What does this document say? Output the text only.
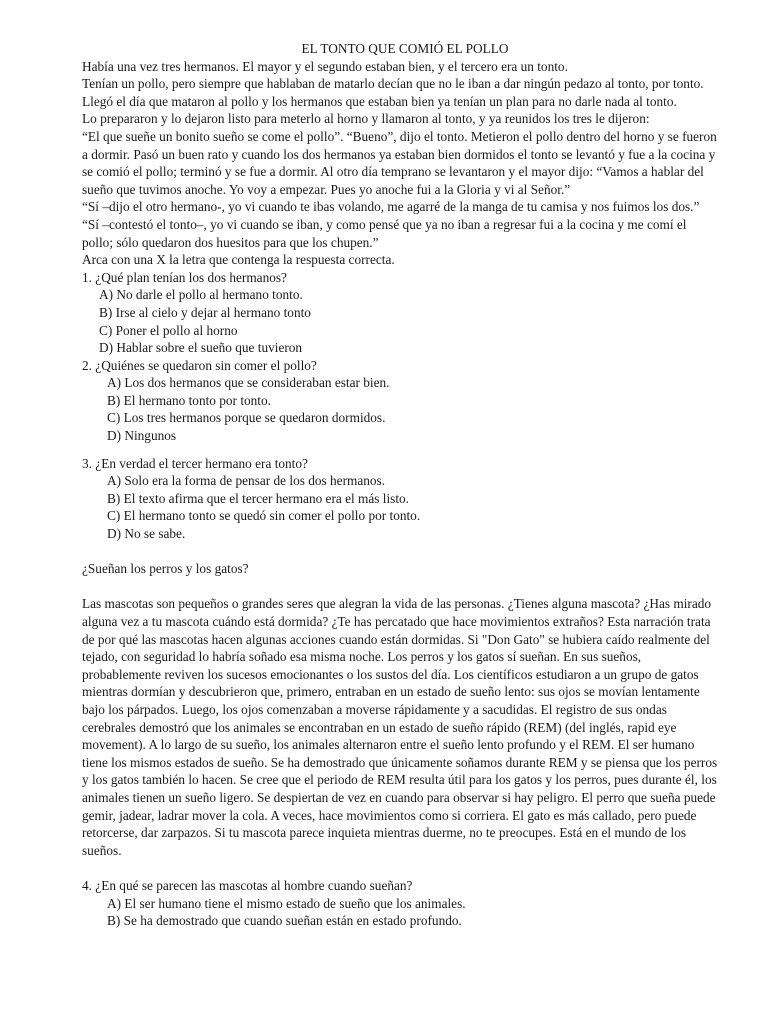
EL TONTO QUE COMIÓ EL POLLO

Había una vez tres hermanos. El mayor y el segundo estaban bien, y el tercero era un tonto.

Tenían un pollo, pero siempre que hablaban de matarlo decían que no le iban a dar ningún pedazo al tonto, por tonto. Llegó el día que mataron al pollo y los hermanos que estaban bien ya tenían un plan para no darle nada al tonto.

Lo prepararon y lo dejaron listo para meterlo al horno y llamaron al tonto, y ya reunidos los tres le dijeron:

“El que sueñe un bonito sueño se come el pollo”. “Bueno”, dijo el tonto. Metieron el pollo dentro del horno y se fueron a dormir. Pasó un buen rato y cuando los dos hermanos ya estaban bien dormidos el tonto se levantó y fue a la cocina y se comió el pollo; terminó y se fue a dormir. Al otro día temprano se levantaron y el mayor dijo: “Vamos a hablar del sueño que tuvimos anoche. Yo voy a empezar. Pues yo anoche fui a la Gloria y vi al Señor.”

“Sí –dijo el otro hermano-, yo vi cuando te ibas volando, me agarré de la manga de tu camisa y nos fuimos los dos.” “Sí –contestó el tonto–, yo vi cuando se iban, y como pensé que ya no iban a regresar fui a la cocina y me comí el pollo; sólo quedaron dos huesitos para que los chupen.”

Arca con una X la letra que contenga la respuesta correcta.

1. ¿Qué plan tenían los dos hermanos?

A) No darle el pollo al hermano tonto.

B) Irse al cielo y dejar al hermano tonto

C) Poner el pollo al horno

D) Hablar sobre el sueño que tuvieron

2. ¿Quiénes se quedaron sin comer el pollo?

A) Los dos hermanos que se consideraban estar bien.

B) El hermano tonto por tonto.

C) Los tres hermanos porque se quedaron dormidos.

D) Ningunos

3. ¿En verdad el tercer hermano era tonto?

A) Solo era la forma de pensar de los dos hermanos.

B) El texto afirma que el tercer hermano era el más listo.

C) El hermano tonto se quedó sin comer el pollo por tonto.

D) No se sabe.

¿Sueñan los perros y los gatos?

Las mascotas son pequeños o grandes seres que alegran la vida de las personas. ¿Tienes alguna mascota? ¿Has mirado alguna vez a tu mascota cuándo está dormida? ¿Te has percatado que hace movimientos extraños? Esta narración trata de por qué las mascotas hacen algunas acciones cuando están dormidas. Si "Don Gato" se hubiera caído realmente del tejado, con seguridad lo habría soñado esa misma noche. Los perros y los gatos sí sueñan. En sus sueños, probablemente reviven los sucesos emocionantes o los sustos del día. Los científicos estudiaron a un grupo de gatos mientras dormían y descubrieron que, primero, entraban en un estado de sueño lento: sus ojos se movían lentamente bajo los párpados. Luego, los ojos comenzaban a moverse rápidamente y a sacudidas. El registro de sus ondas cerebrales demostró que los animales se encontraban en un estado de sueño rápido (REM) (del inglés, rapid eye movement). A lo largo de su sueño, los animales alternaron entre el sueño lento profundo y el REM. El ser humano tiene los mismos estados de sueño. Se ha demostrado que únicamente soñamos durante REM y se piensa que los perros y los gatos también lo hacen. Se cree que el periodo de REM resulta útil para los gatos y los perros, pues durante él, los animales tienen un sueño ligero. Se despiertan de vez en cuando para observar si hay peligro. El perro que sueña puede gemir, jadear, ladrar mover la cola. A veces, hace movimientos como si corriera. El gato es más callado, pero puede retorcerse, dar zarpazos. Si tu mascota parece inquieta mientras duerme, no te preocupes. Está en el mundo de los sueños.

4. ¿En qué se parecen las mascotas al hombre cuando sueñan?

A) El ser humano tiene el mismo estado de sueño que los animales.

B) Se ha demostrado que cuando sueñan están en estado profundo.
